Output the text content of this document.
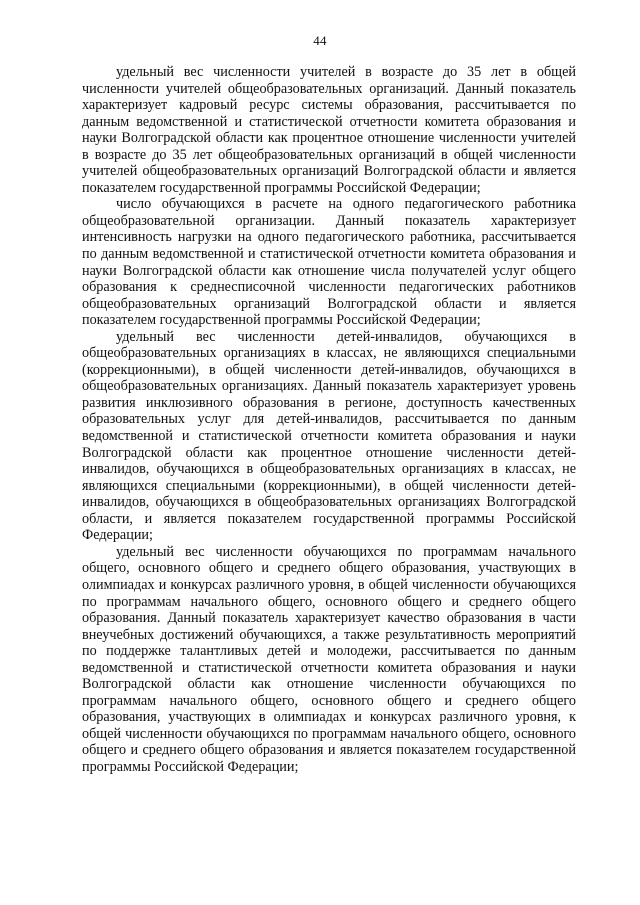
44

удельный вес численности учителей в возрасте до 35 лет в общей численности учителей общеобразовательных организаций. Данный показатель характеризует кадровый ресурс системы образования, рассчитывается по данным ведомственной и статистической отчетности комитета образования и науки Волгоградской области как процентное отношение численности учителей в возрасте до 35 лет общеобразовательных организаций в общей численности учителей общеобразовательных организаций Волгоградской области и является показателем государственной программы Российской Федерации;

число обучающихся в расчете на одного педагогического работника общеобразовательной организации. Данный показатель характеризует интенсивность нагрузки на одного педагогического работника, рассчитывается по данным ведомственной и статистической отчетности комитета образования и науки Волгоградской области как отношение числа получателей услуг общего образования к среднесписочной численности педагогических работников общеобразовательных организаций Волгоградской области и является показателем государственной программы Российской Федерации;

удельный вес численности детей-инвалидов, обучающихся в общеобразовательных организациях в классах, не являющихся специальными (коррекционными), в общей численности детей-инвалидов, обучающихся в общеобразовательных организациях. Данный показатель характеризует уровень развития инклюзивного образования в регионе, доступность качественных образовательных услуг для детей-инвалидов, рассчитывается по данным ведомственной и статистической отчетности комитета образования и науки Волгоградской области как процентное отношение численности детей-инвалидов, обучающихся в общеобразовательных организациях в классах, не являющихся специальными (коррекционными), в общей численности детей-инвалидов, обучающихся в общеобразовательных организациях Волгоградской области, и является показателем государственной программы Российской Федерации;

удельный вес численности обучающихся по программам начального общего, основного общего и среднего общего образования, участвующих в олимпиадах и конкурсах различного уровня, в общей численности обучающихся по программам начального общего, основного общего и среднего общего образования. Данный показатель характеризует качество образования в части внеучебных достижений обучающихся, а также результативность мероприятий по поддержке талантливых детей и молодежи, рассчитывается по данным ведомственной и статистической отчетности комитета образования и науки Волгоградской области как отношение численности обучающихся по программам начального общего, основного общего и среднего общего образования, участвующих в олимпиадах и конкурсах различного уровня, к общей численности обучающихся по программам начального общего, основного общего и среднего общего образования и является показателем государственной программы Российской Федерации;
